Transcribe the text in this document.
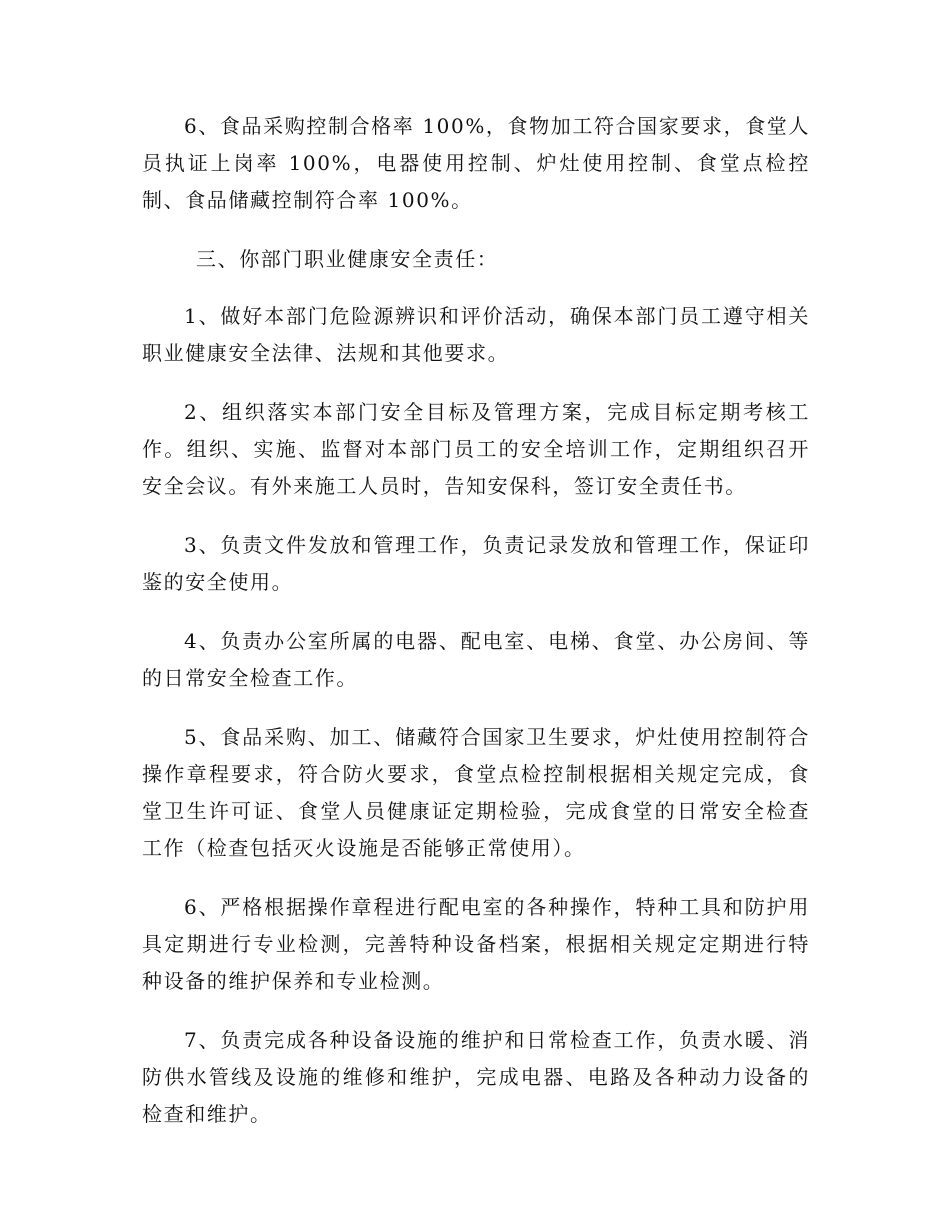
6、食品采购控制合格率 100%，食物加工符合国家要求，食堂人员执证上岗率 100%，电器使用控制、炉灶使用控制、食堂点检控制、食品储藏控制符合率 100%。

三、你部门职业健康安全责任：

1、做好本部门危险源辨识和评价活动，确保本部门员工遵守相关职业健康安全法律、法规和其他要求。

2、组织落实本部门安全目标及管理方案，完成目标定期考核工作。组织、实施、监督对本部门员工的安全培训工作，定期组织召开安全会议。有外来施工人员时，告知安保科，签订安全责任书。

3、负责文件发放和管理工作，负责记录发放和管理工作，保证印鉴的安全使用。

4、负责办公室所属的电器、配电室、电梯、食堂、办公房间、等的日常安全检查工作。

5、食品采购、加工、储藏符合国家卫生要求，炉灶使用控制符合操作章程要求，符合防火要求，食堂点检控制根据相关规定完成，食堂卫生许可证、食堂人员健康证定期检验，完成食堂的日常安全检查工作（检查包括灭火设施是否能够正常使用）。

6、严格根据操作章程进行配电室的各种操作，特种工具和防护用具定期进行专业检测，完善特种设备档案，根据相关规定定期进行特种设备的维护保养和专业检测。

7、负责完成各种设备设施的维护和日常检查工作，负责水暖、消防供水管线及设施的维修和维护，完成电器、电路及各种动力设备的检查和维护。
